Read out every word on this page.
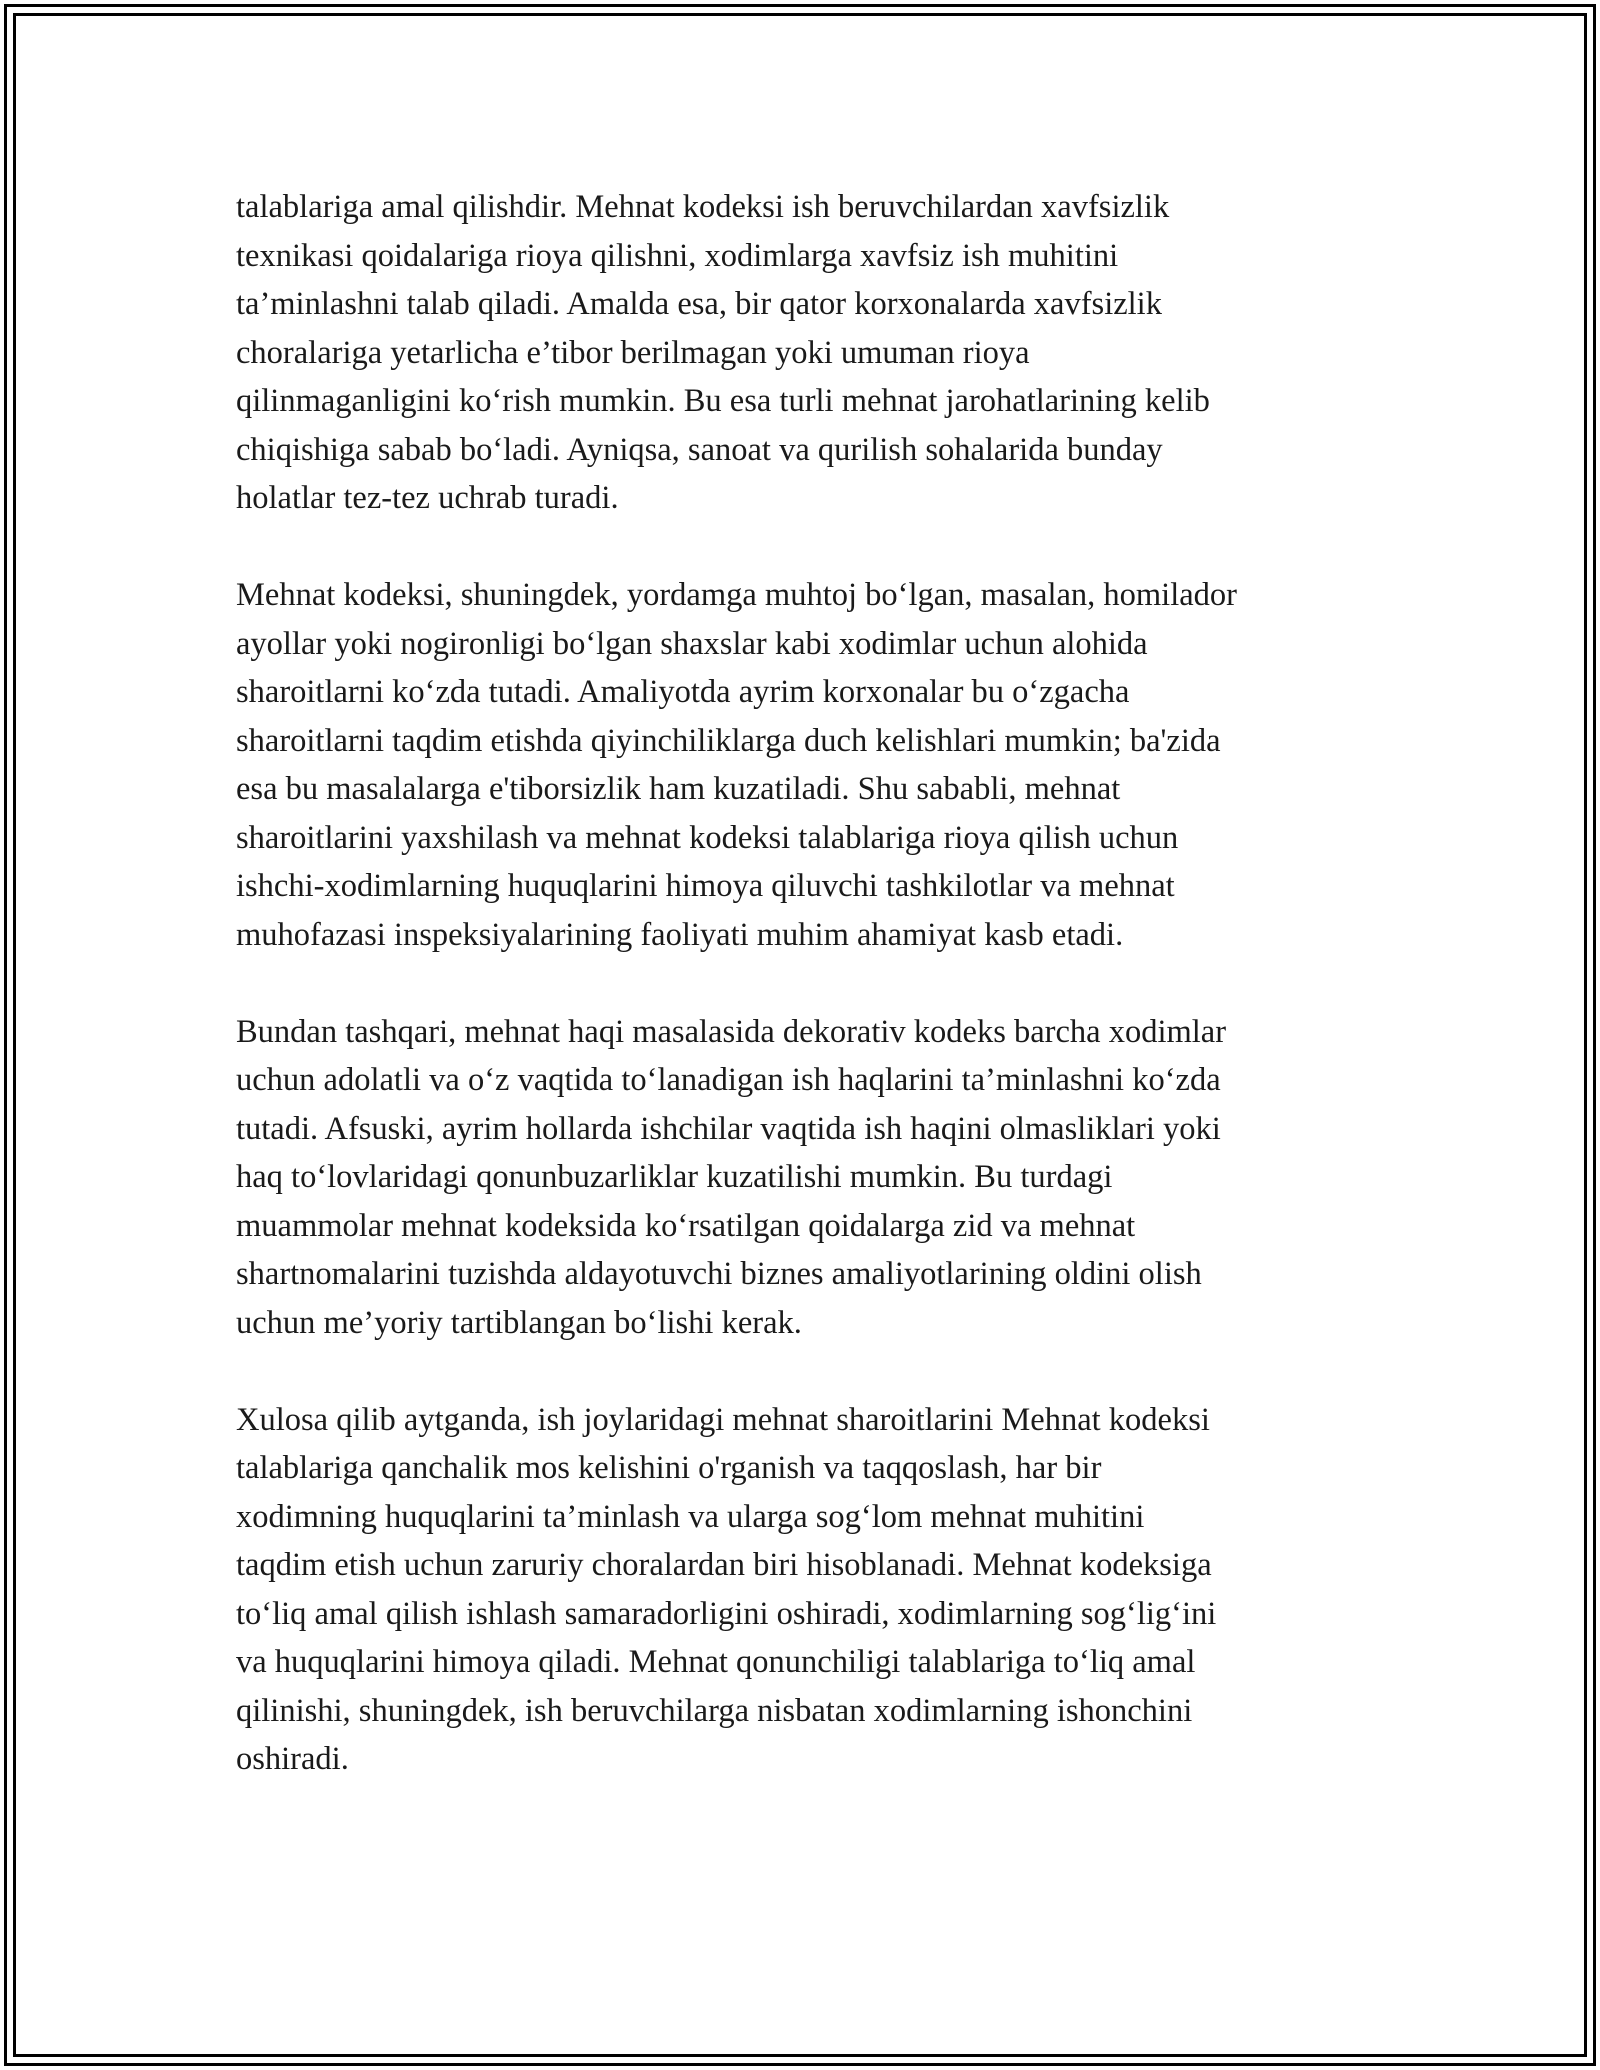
talablariga amal qilishdir. Mehnat kodeksi ish beruvchilardan xavfsizlik
texnikasi qoidalariga rioya qilishni, xodimlarga xavfsiz ish muhitini
ta’minlashni talab qiladi. Amalda esa, bir qator korxonalarda xavfsizlik
choralariga yetarlicha e’tibor berilmagan yoki umuman rioya
qilinmaganligini ko‘rish mumkin. Bu esa turli mehnat jarohatlarining kelib
chiqishiga sabab bo‘ladi. Ayniqsa, sanoat va qurilish sohalarida bunday
holatlar tez-tez uchrab turadi.

Mehnat kodeksi, shuningdek, yordamga muhtoj bo‘lgan, masalan, homilador
ayollar yoki nogironligi bo‘lgan shaxslar kabi xodimlar uchun alohida
sharoitlarni ko‘zda tutadi. Amaliyotda ayrim korxonalar bu o‘zgacha
sharoitlarni taqdim etishda qiyinchiliklarga duch kelishlari mumkin; ba'zida
esa bu masalalarga e'tiborsizlik ham kuzatiladi. Shu sababli, mehnat
sharoitlarini yaxshilash va mehnat kodeksi talablariga rioya qilish uchun
ishchi-xodimlarning huquqlarini himoya qiluvchi tashkilotlar va mehnat
muhofazasi inspeksiyalarining faoliyati muhim ahamiyat kasb etadi.

Bundan tashqari, mehnat haqi masalasida dekorativ kodeks barcha xodimlar
uchun adolatli va o‘z vaqtida to‘lanadigan ish haqlarini ta’minlashni ko‘zda
tutadi. Afsuski, ayrim hollarda ishchilar vaqtida ish haqini olmasliklari yoki
haq to‘lovlaridagi qonunbuzarliklar kuzatilishi mumkin. Bu turdagi
muammolar mehnat kodeksida ko‘rsatilgan qoidalarga zid va mehnat
shartnomalarini tuzishda aldayotuvchi biznes amaliyotlarining oldini olish
uchun me’yoriy tartiblangan bo‘lishi kerak.

Xulosa qilib aytganda, ish joylaridagi mehnat sharoitlarini Mehnat kodeksi
talablariga qanchalik mos kelishini o'rganish va taqqoslash, har bir
xodimning huquqlarini ta’minlash va ularga sog‘lom mehnat muhitini
taqdim etish uchun zaruriy choralardan biri hisoblanadi. Mehnat kodeksiga
to‘liq amal qilish ishlash samaradorligini oshiradi, xodimlarning sog‘lig‘ini
va huquqlarini himoya qiladi. Mehnat qonunchiligi talablariga to‘liq amal
qilinishi, shuningdek, ish beruvchilarga nisbatan xodimlarning ishonchini
oshiradi.
